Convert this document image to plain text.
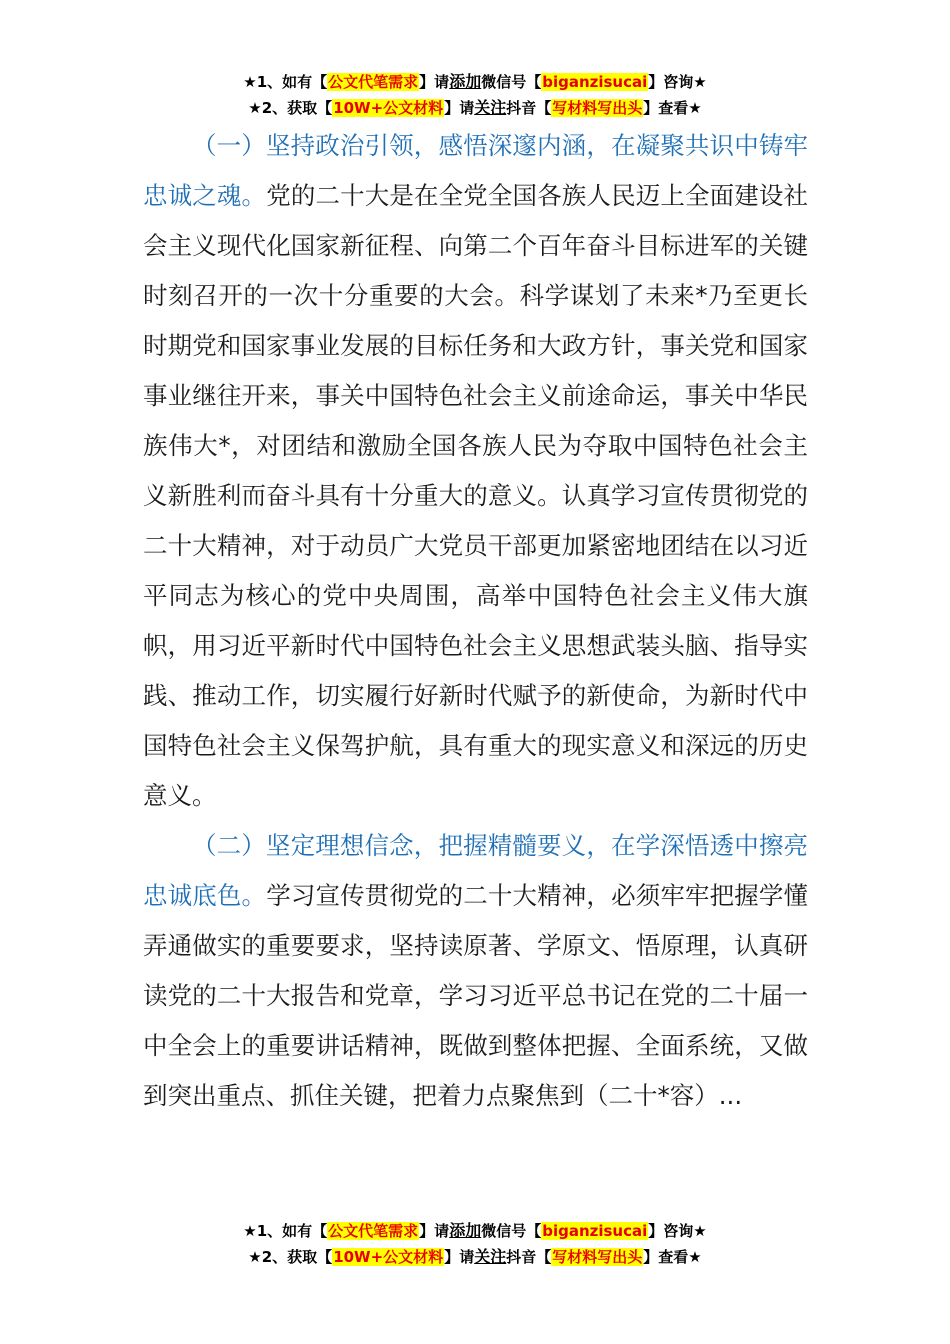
★1、如有【公文代笔需求】请添加微信号【biganzisucai】咨询★
★2、获取【10W+公文材料】请关注抖音【写材料写出头】查看★

（一）坚持政治引领，感悟深邃内涵，在凝聚共识中铸牢忠诚之魂。党的二十大是在全党全国各族人民迈上全面建设社会主义现代化国家新征程、向第二个百年奋斗目标进军的关键时刻召开的一次十分重要的大会。科学谋划了未来*乃至更长时期党和国家事业发展的目标任务和大政方针，事关党和国家事业继往开来，事关中国特色社会主义前途命运，事关中华民族伟大*，对团结和激励全国各族人民为夺取中国特色社会主义新胜利而奋斗具有十分重大的意义。认真学习宣传贯彻党的二十大精神，对于动员广大党员干部更加紧密地团结在以习近平同志为核心的党中央周围，高举中国特色社会主义伟大旗帜，用习近平新时代中国特色社会主义思想武装头脑、指导实践、推动工作，切实履行好新时代赋予的新使命，为新时代中国特色社会主义保驾护航，具有重大的现实意义和深远的历史意义。

（二）坚定理想信念，把握精髓要义，在学深悟透中擦亮忠诚底色。学习宣传贯彻党的二十大精神，必须牢牢把握学懂弄通做实的重要要求，坚持读原著、学原文、悟原理，认真研读党的二十大报告和党章，学习习近平总书记在党的二十届一中全会上的重要讲话精神，既做到整体把握、全面系统，又做到突出重点、抓住关键，把着力点聚焦到（二十*容）...

★1、如有【公文代笔需求】请添加微信号【biganzisucai】咨询★
★2、获取【10W+公文材料】请关注抖音【写材料写出头】查看★
